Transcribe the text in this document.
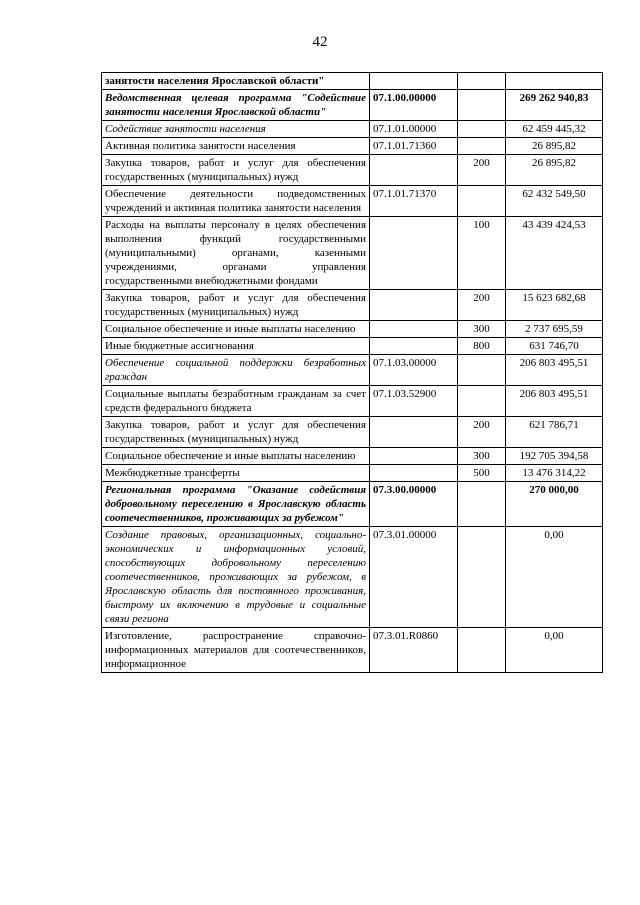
42
занятости населения Ярославской области"			
Ведомственная целевая программа "Содействие занятости населения Ярославской области"	07.1.00.00000		269 262 940,83
Содействие занятости населения	07.1.01.00000		62 459 445,32
Активная политика занятости населения	07.1.01.71360		26 895,82
Закупка товаров, работ и услуг для обеспечения государственных (муниципальных) нужд		200	26 895,82
Обеспечение деятельности подведомственных учреждений и активная политика занятости населения	07.1.01.71370		62 432 549,50
Расходы на выплаты персоналу в целях обеспечения выполнения функций государственными (муниципальными) органами, казенными учреждениями, органами управления государственными внебюджетными фондами		100	43 439 424,53
Закупка товаров, работ и услуг для обеспечения государственных (муниципальных) нужд		200	15 623 682,68
Социальное обеспечение и иные выплаты населению		300	2 737 695,59
Иные бюджетные ассигнования		800	631 746,70
Обеспечение социальной поддержки безработных граждан	07.1.03.00000		206 803 495,51
Социальные выплаты безработным гражданам за счет средств федерального бюджета	07.1.03.52900		206 803 495,51
Закупка товаров, работ и услуг для обеспечения государственных (муниципальных) нужд		200	621 786,71
Социальное обеспечение и иные выплаты населению		300	192 705 394,58
Межбюджетные трансферты		500	13 476 314,22
Региональная программа "Оказание содействия добровольному переселению в Ярославскую область соотечественников, проживающих за рубежом"	07.3.00.00000		270 000,00
Создание правовых, организационных, социально-экономических и информационных условий, способствующих добровольному переселению соотечественников, проживающих за рубежом, в Ярославскую область для постоянного проживания, быстрому их включению в трудовые и социальные связи региона	07.3.01.00000		0,00
Изготовление, распространение справочно-информационных материалов для соотечественников, информационное	07.3.01.R0860		0,00
